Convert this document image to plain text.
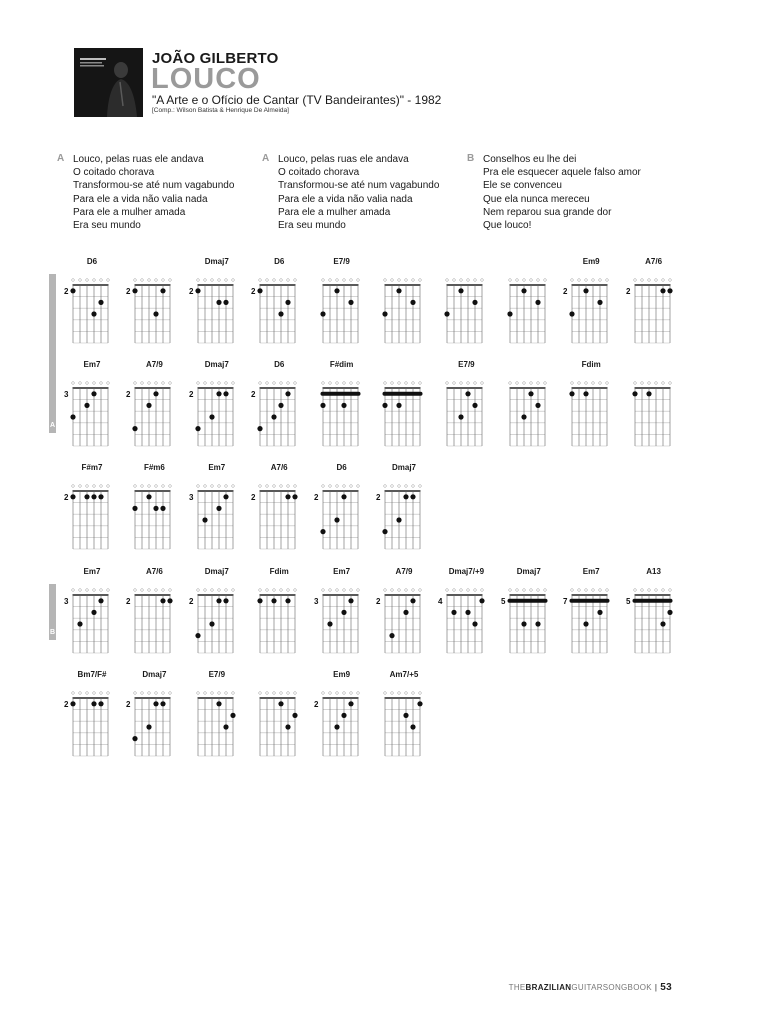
JOÃO GILBERTO
LOUCO
"A Arte e o Ofício de Cantar (TV Bandeirantes)" - 1982
[Comp.: Wilson Batista & Henrique De Almeida]
A Louco, pelas ruas ele andava
O coitado chorava
Transformou-se até num vagabundo
Para ele a vida não valia nada
Para ele a mulher amada
Era seu mundo
A Louco, pelas ruas ele andava
O coitado chorava
Transformou-se até num vagabundo
Para ele a vida não valia nada
Para ele a mulher amada
Era seu mundo
B Conselhos eu lhe dei
Pra ele esquecer aquele falso amor
Ele se convenceu
Que ela nunca mereceu
Nem reparou sua grande dor
Que louco!
A
B
D6
2	2
Dmaj7
2
D6
2
E7/9	Em9
2
A7/6
2
Em7
3
A7/9
2
Dmaj7
2
D6
2
F#dim	E7/9	Fdim
F#m7
2
F#m6	Em7
3
A7/6
2
D6
2
Dmaj7
2
Em7
3
A7/6
2
Dmaj7
2
Fdim	Em7
3
A7/9
2
Dmaj7/+9
4
Dmaj7
5
Em7
7
A13
5
Bm7/F#
2
Dmaj7
2
E7/9	Em9
2
Am7/+5
THEBRAZILIANGUITARSONGBOOK | 53
